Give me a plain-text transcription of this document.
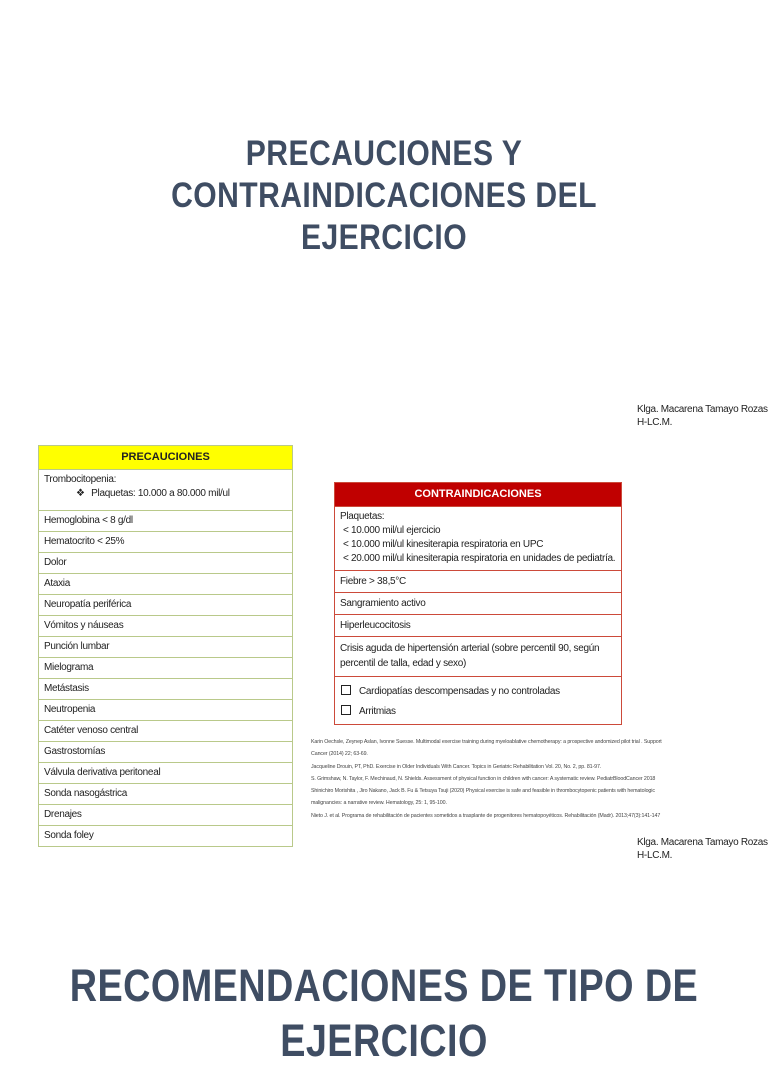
PRECAUCIONES Y
CONTRAINDICACIONES DEL
EJERCICIO
Klga. Macarena Tamayo Rozas
H-LC.M.
PRECAUCIONES
Trombocitopenia:
❖ Plaquetas: 10.000 a 80.000 mil/ul
Hemoglobina < 8 g/dl
Hematocrito < 25%
Dolor
Ataxia
Neuropatía periférica
Vómitos y náuseas
Punción lumbar
Mielograma
Metástasis
Neutropenia
Catéter venoso central
Gastrostomías
Válvula derivativa peritoneal
Sonda nasogástrica
Drenajes
Sonda foley
CONTRAINDICACIONES
Plaquetas:
< 10.000 mil/ul ejercicio
< 10.000 mil/ul kinesiterapia respiratoria en UPC
< 20.000 mil/ul kinesiterapia respiratoria en unidades de pediatría.
Fiebre > 38,5°C
Sangramiento activo
Hiperleucocitosis
Crisis aguda de hipertensión arterial (sobre percentil 90, según percentil de talla, edad y sexo)
Cardiopatías descompensadas y no controladas
Arritmias
Karin Oechsle, Zeynep Aslan, Ivonne Suesse. Multimodal exercise training during myeloablative chemotherapy: a prospective andomized pilot trial . Support
Cancer (2014) 22; 63-69.
Jacqueline Drouin, PT, PhD. Exercise in Older Individuals With Cancer. Topics in Geriatric Rehabilitation Vol. 20, No. 2, pp. 81-97.
S. Grimshaw, N. Taylor, F. Mechinaud, N. Shields. Assessment of physical function in children with cancer: A systematic review. PediatrBloodCancer 2018
Shinichiro Morishita , Jiro Nakano, Jack B. Fu & Tetsuya Tsuji (2020) Physical exercise is safe and feasible in thrombocytopenic patients with hematologic
malignancies: a narrative review. Hematology, 25: 1, 95-100.
Nieto J. et al. Programa de rehabilitación de pacientes sometidos a trasplante de progenitores hematopoyéticos. Rehabilitación (Madr). 2013;47(3):141-147
Klga. Macarena Tamayo Rozas
H-LC.M.
RECOMENDACIONES DE TIPO DE
EJERCICIO
